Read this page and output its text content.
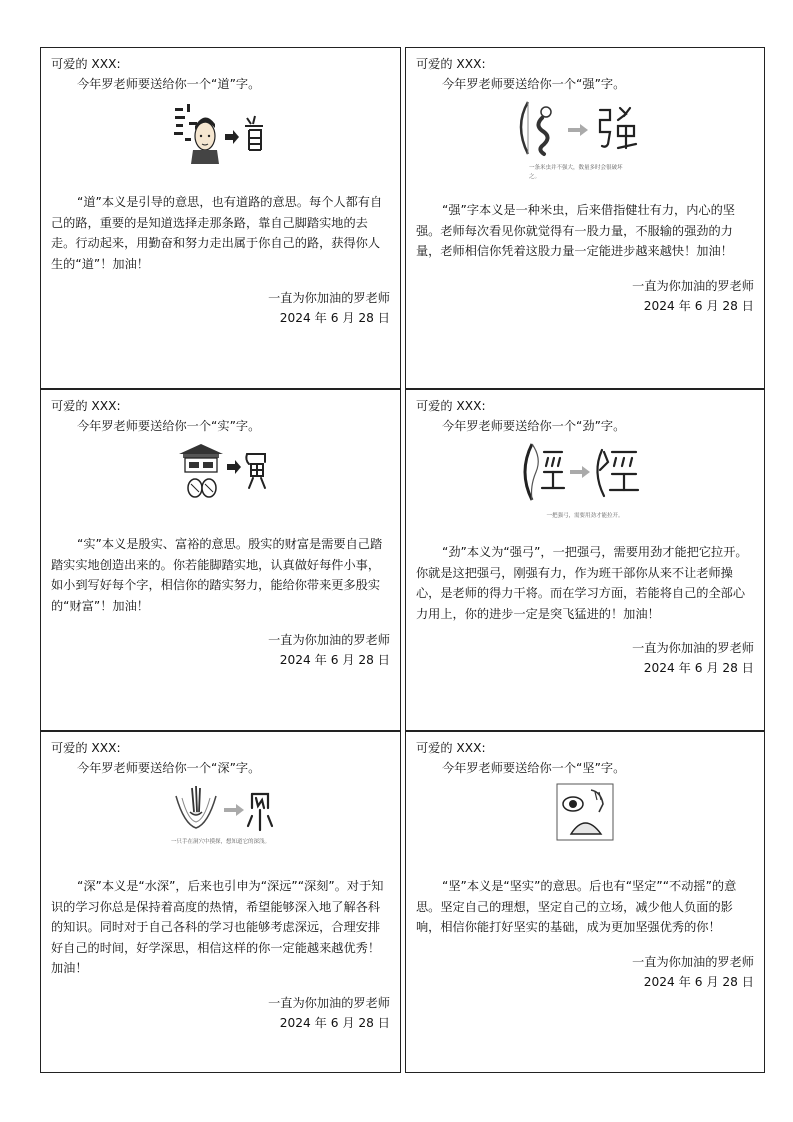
可爱的 XXX:
今年罗老师要送给你一个“道”字。
“道”本义是引导的意思，也有道路的意思。每个人都有自己的路，重要的是知道选择走那条路，靠自己脚踏实地的去走。行动起来，用勤奋和努力走出属于你自己的路，获得你人生的“道”！加油！
一直为你加油的罗老师
2024 年 6 月 28 日
可爱的 XXX:
今年罗老师要送给你一个“强”字。
一条米虫并不强大，数量多时会很破坏之。
“强”字本义是一种米虫，后来借指健壮有力，内心的坚强。老师每次看见你就觉得有一股力量，不服输的强劲的力量，老师相信你凭着这股力量一定能进步越来越快！加油！
一直为你加油的罗老师
2024 年 6 月 28 日
可爱的 XXX:
今年罗老师要送给你一个“实”字。
“实”本义是殷实、富裕的意思。殷实的财富是需要自己踏踏实实地创造出来的。你若能脚踏实地，认真做好每件小事，如小到写好每个字，相信你的踏实努力，能给你带来更多殷实的“财富”！加油！
一直为你加油的罗老师
2024 年 6 月 28 日
可爱的 XXX:
今年罗老师要送给你一个“劲”字。
一把强弓，需要用劲才能拉开。
“劲”本义为“强弓”，一把强弓，需要用劲才能把它拉开。你就是这把强弓，刚强有力，作为班干部你从来不让老师操心，是老师的得力干将。而在学习方面，若能将自己的全部心力用上，你的进步一定是突飞猛进的！加油！
一直为你加油的罗老师
2024 年 6 月 28 日
可爱的 XXX:
今年罗老师要送给你一个“深”字。
一只手在洞穴中摸探，想知道它的深浅。
“深”本义是“水深”，后来也引申为“深远”“深刻”。对于知识的学习你总是保持着高度的热情，希望能够深入地了解各科的知识。同时对于自己各科的学习也能够考虑深远，合理安排好自己的时间，好学深思，相信这样的你一定能越来越优秀！加油！
一直为你加油的罗老师
2024 年 6 月 28 日
可爱的 XXX:
今年罗老师要送给你一个“坚”字。
“坚”本义是“坚实”的意思。后也有“坚定”“不动摇”的意思。坚定自己的理想，坚定自己的立场，减少他人负面的影响，相信你能打好坚实的基础，成为更加坚强优秀的你！
一直为你加油的罗老师
2024 年 6 月 28 日
